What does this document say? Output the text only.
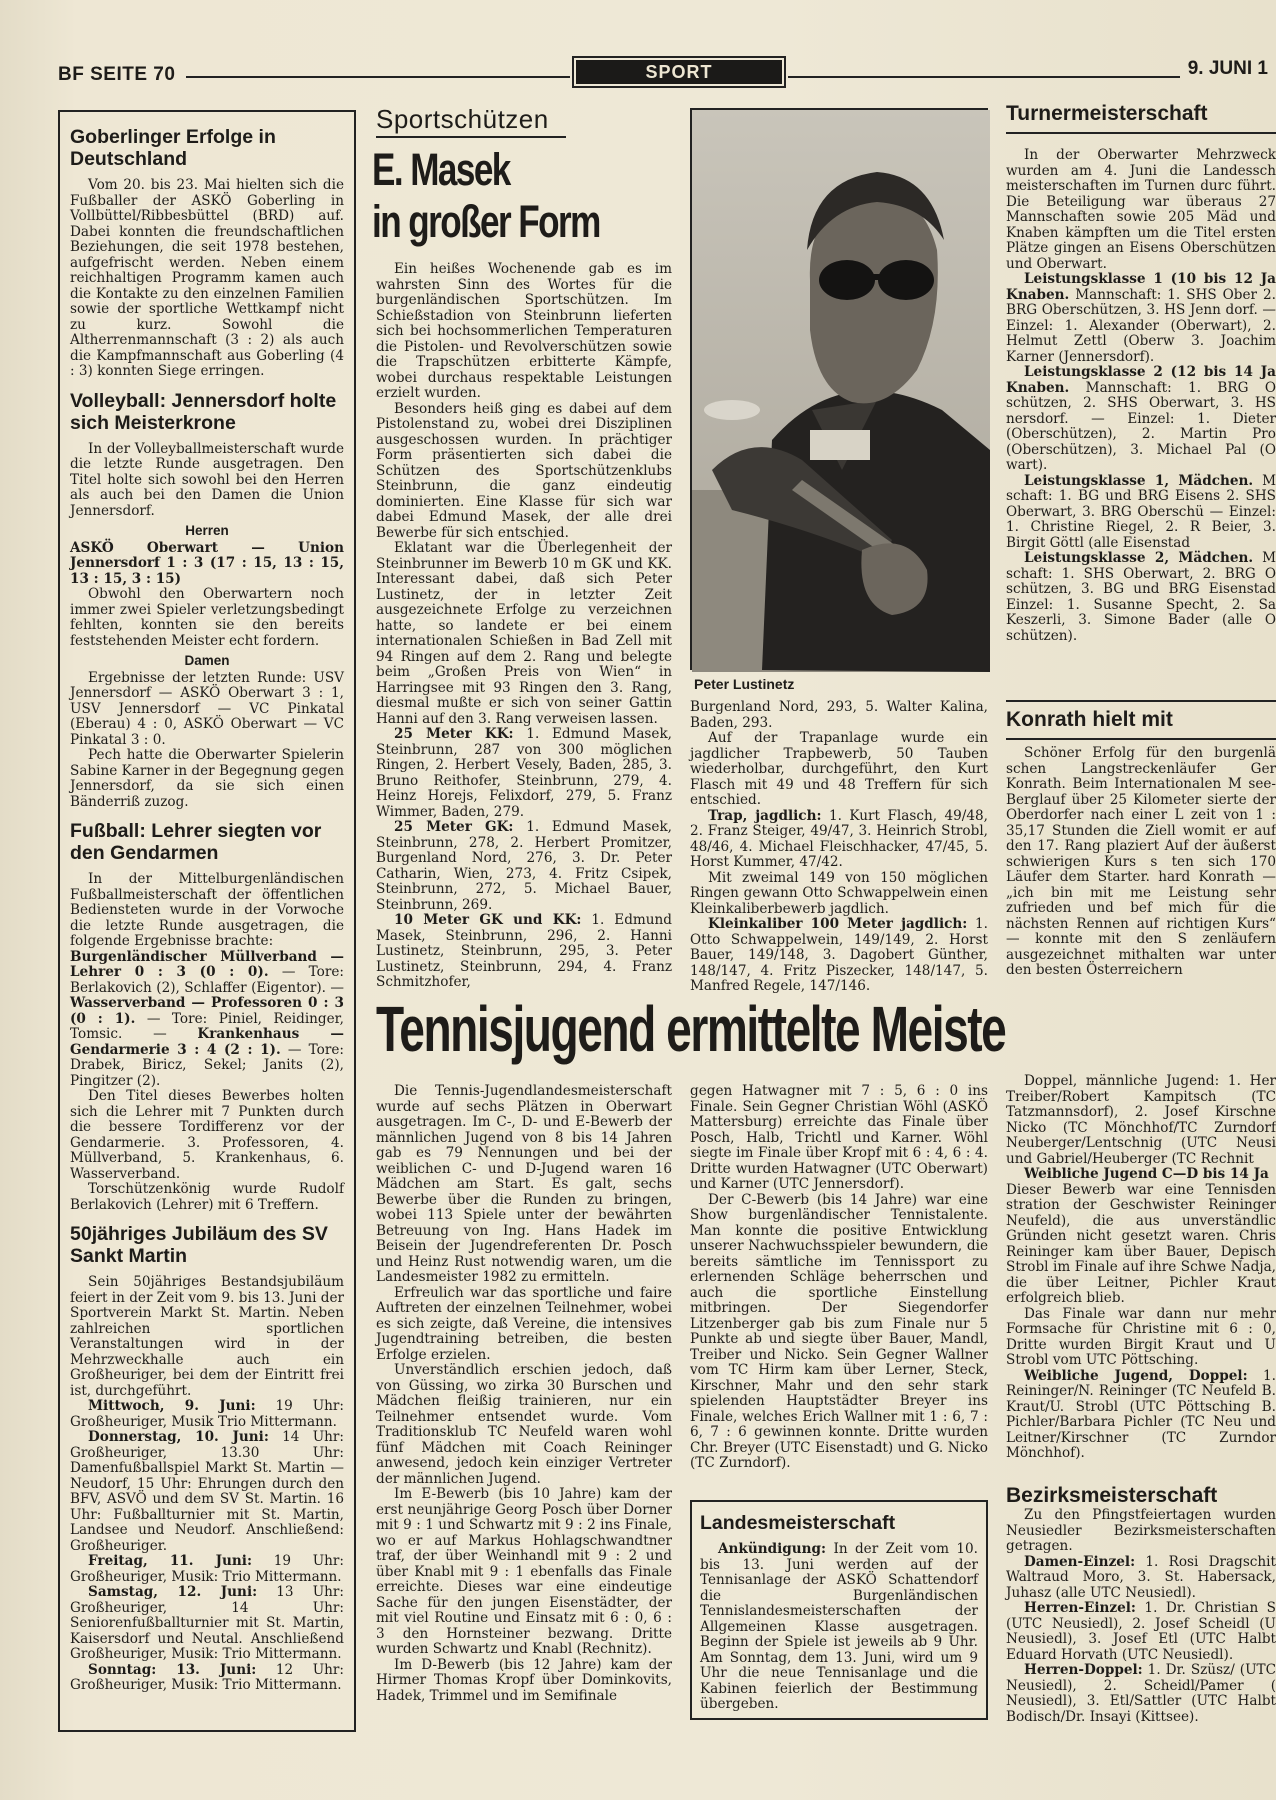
BF SEITE 70	SPORT	9. JUNI 1
Goberlinger Erfolge in Deutschland

Vom 20. bis 23. Mai hielten sich die Fußballer der ASKÖ Goberling in Vollbüttel/Ribbesbüttel (BRD) auf. Dabei konnten die freundschaftlichen Beziehungen, die seit 1978 bestehen, aufgefrischt werden. Neben einem reichhaltigen Programm kamen auch die Kontakte zu den einzelnen Familien sowie der sportliche Wettkampf nicht zu kurz. Sowohl die Altherrenmannschaft (3 : 2) als auch die Kampfmannschaft aus Goberling (4 : 3) konnten Siege erringen.

Volleyball: Jennersdorf holte sich Meisterkrone

In der Volleyballmeisterschaft wurde die letzte Runde ausgetragen. Den Titel holte sich sowohl bei den Herren als auch bei den Damen die Union Jennersdorf.

Herren

ASKÖ Oberwart — Union Jennersdorf 1 : 3 (17 : 15, 13 : 15, 13 : 15, 3 : 15)

Obwohl den Oberwartern noch immer zwei Spieler verletzungsbedingt fehlten, konnten sie den bereits feststehenden Meister echt fordern.

Damen

Ergebnisse der letzten Runde: USV Jennersdorf — ASKÖ Oberwart 3 : 1, USV Jennersdorf — VC Pinkatal (Eberau) 4 : 0, ASKÖ Oberwart — VC Pinkatal 3 : 0.

Pech hatte die Oberwarter Spielerin Sabine Karner in der Begegnung gegen Jennersdorf, da sie sich einen Bänderriß zuzog.

Fußball: Lehrer siegten vor den Gendarmen

In der Mittelburgenländischen Fußballmeisterschaft der öffentlichen Bediensteten wurde in der Vorwoche die letzte Runde ausgetragen, die folgende Ergebnisse brachte:

Burgenländischer Müllverband — Lehrer 0 : 3 (0 : 0). — Tore: Berlakovich (2), Schlaffer (Eigentor). — Wasserverband — Professoren 0 : 3 (0 : 1). — Tore: Piniel, Reidinger, Tomsic. — Krankenhaus — Gendarmerie 3 : 4 (2 : 1). — Tore: Drabek, Biricz, Sekel; Janits (2), Pingitzer (2).

Den Titel dieses Bewerbes holten sich die Lehrer mit 7 Punkten durch die bessere Tordifferenz vor der Gendarmerie. 3. Professoren, 4. Müllverband, 5. Krankenhaus, 6. Wasserverband.

Torschützenkönig wurde Rudolf Berlakovich (Lehrer) mit 6 Treffern.

50jähriges Jubiläum des SV Sankt Martin

Sein 50jähriges Bestandsjubiläum feiert in der Zeit vom 9. bis 13. Juni der Sportverein Markt St. Martin. Neben zahlreichen sportlichen Veranstaltungen wird in der Mehrzweckhalle auch ein Großheuriger, bei dem der Eintritt frei ist, durchgeführt.

Mittwoch, 9. Juni: 19 Uhr: Großheuriger, Musik Trio Mittermann.

Donnerstag, 10. Juni: 14 Uhr: Großheuriger, 13.30 Uhr: Damenfußballspiel Markt St. Martin — Neudorf, 15 Uhr: Ehrungen durch den BFV, ASVÖ und dem SV St. Martin. 16 Uhr: Fußballturnier mit St. Martin, Landsee und Neudorf. Anschließend: Großheuriger.

Freitag, 11. Juni: 19 Uhr: Großheuriger, Musik: Trio Mittermann.

Samstag, 12. Juni: 13 Uhr: Großheuriger, 14 Uhr: Seniorenfußballturnier mit St. Martin, Kaisersdorf und Neutal. Anschließend Großheuriger, Musik: Trio Mittermann.

Sonntag: 13. Juni: 12 Uhr: Großheuriger, Musik: Trio Mittermann.

Sportschützen
E. Masek
in großer Form

Ein heißes Wochenende gab es im wahrsten Sinn des Wortes für die burgenländischen Sportschützen. Im Schießstadion von Steinbrunn lieferten sich bei hochsommerlichen Temperaturen die Pistolen- und Revolverschützen sowie die Trapschützen erbitterte Kämpfe, wobei durchaus respektable Leistungen erzielt wurden.

Besonders heiß ging es dabei auf dem Pistolenstand zu, wobei drei Disziplinen ausgeschossen wurden. In prächtiger Form präsentierten sich dabei die Schützen des Sportschützenklubs Steinbrunn, die ganz eindeutig dominierten. Eine Klasse für sich war dabei Edmund Masek, der alle drei Bewerbe für sich entschied.

Eklatant war die Überlegenheit der Steinbrunner im Bewerb 10 m GK und KK. Interessant dabei, daß sich Peter Lustinetz, der in letzter Zeit ausgezeichnete Erfolge zu verzeichnen hatte, so landete er bei einem internationalen Schießen in Bad Zell mit 94 Ringen auf dem 2. Rang und belegte beim „Großen Preis von Wien“ in Harringsee mit 93 Ringen den 3. Rang, diesmal mußte er sich von seiner Gattin Hanni auf den 3. Rang verweisen lassen.

25 Meter KK: 1. Edmund Masek, Steinbrunn, 287 von 300 möglichen Ringen, 2. Herbert Vesely, Baden, 285, 3. Bruno Reithofer, Steinbrunn, 279, 4. Heinz Horejs, Felixdorf, 279, 5. Franz Wimmer, Baden, 279.

25 Meter GK: 1. Edmund Masek, Steinbrunn, 278, 2. Herbert Promitzer, Burgenland Nord, 276, 3. Dr. Peter Catharin, Wien, 273, 4. Fritz Csipek, Steinbrunn, 272, 5. Michael Bauer, Steinbrunn, 269.

10 Meter GK und KK: 1. Edmund Masek, Steinbrunn, 296, 2. Hanni Lustinetz, Steinbrunn, 295, 3. Peter Lustinetz, Steinbrunn, 294, 4. Franz Schmitzhofer,

Peter Lustinetz

Burgenland Nord, 293, 5. Walter Kalina, Baden, 293.

Auf der Trapanlage wurde ein jagdlicher Trapbewerb, 50 Tauben wiederholbar, durchgeführt, den Kurt Flasch mit 49 und 48 Treffern für sich entschied.

Trap, jagdlich: 1. Kurt Flasch, 49/48, 2. Franz Steiger, 49/47, 3. Heinrich Strobl, 48/46, 4. Michael Fleischhacker, 47/45, 5. Horst Kummer, 47/42.

Mit zweimal 149 von 150 möglichen Ringen gewann Otto Schwappelwein einen Kleinkaliberbewerb jagdlich.

Kleinkaliber 100 Meter jagdlich: 1. Otto Schwappelwein, 149/149, 2. Horst Bauer, 149/148, 3. Dagobert Günther, 148/147, 4. Fritz Piszecker, 148/147, 5. Manfred Regele, 147/146.

Turnermeisterschaft

In der Oberwarter Mehrzweck wurden am 4. Juni die Landessch meisterschaften im Turnen durc führt. Die Beteiligung war überaus 27 Mannschaften sowie 205 Mäd und Knaben kämpften um die Titel ersten Plätze gingen an Eisens Oberschützen und Oberwart.

Leistungsklasse 1 (10 bis 12 Ja Knaben. Mannschaft: 1. SHS Ober 2. BRG Oberschützen, 3. HS Jenn dorf. — Einzel: 1. Alexander (Oberwart), 2. Helmut Zettl (Oberw 3. Joachim Karner (Jennersdorf).

Leistungsklasse 2 (12 bis 14 Ja Knaben. Mannschaft: 1. BRG O schützen, 2. SHS Oberwart, 3. HS nersdorf. — Einzel: 1. Dieter (Oberschützen), 2. Martin Pro (Oberschützen), 3. Michael Pal (O wart).

Leistungsklasse 1, Mädchen. M schaft: 1. BG und BRG Eisens 2. SHS Oberwart, 3. BRG Oberschü — Einzel: 1. Christine Riegel, 2. R Beier, 3. Birgit Göttl (alle Eisenstad

Leistungsklasse 2, Mädchen. M schaft: 1. SHS Oberwart, 2. BRG O schützen, 3. BG und BRG Eisenstad Einzel: 1. Susanne Specht, 2. Sa Keszerli, 3. Simone Bader (alle O schützen).

Konrath hielt mit

Schöner Erfolg für den burgenlä schen Langstreckenläufer Ger Konrath. Beim Internationalen M see-Berglauf über 25 Kilometer sierte der Oberdorfer nach einer L zeit von 1 : 35,17 Stunden die Ziell womit er auf den 17. Rang plaziert Auf der äußerst schwierigen Kurs s ten sich 170 Läufer dem Starter. hard Konrath — „ich bin mit me Leistung sehr zufrieden und bef mich für die nächsten Rennen auf richtigen Kurs“ — konnte mit den S zenläufern ausgezeichnet mithalten war unter den besten Österreichern

Tennisjugend ermittelte Meiste

Die Tennis-Jugendlandesmeisterschaft wurde auf sechs Plätzen in Oberwart ausgetragen. Im C-, D- und E-Bewerb der männlichen Jugend von 8 bis 14 Jahren gab es 79 Nennungen und bei der weiblichen C- und D-Jugend waren 16 Mädchen am Start. Es galt, sechs Bewerbe über die Runden zu bringen, wobei 113 Spiele unter der bewährten Betreuung von Ing. Hans Hadek im Beisein der Jugendreferenten Dr. Posch und Heinz Rust notwendig waren, um die Landesmeister 1982 zu ermitteln.

Erfreulich war das sportliche und faire Auftreten der einzelnen Teilnehmer, wobei es sich zeigte, daß Vereine, die intensives Jugendtraining betreiben, die besten Erfolge erzielen.

Unverständlich erschien jedoch, daß von Güssing, wo zirka 30 Burschen und Mädchen fleißig trainieren, nur ein Teilnehmer entsendet wurde. Vom Traditionsklub TC Neufeld waren wohl fünf Mädchen mit Coach Reininger anwesend, jedoch kein einziger Vertreter der männlichen Jugend.

Im E-Bewerb (bis 10 Jahre) kam der erst neunjährige Georg Posch über Dorner mit 9 : 1 und Schwartz mit 9 : 2 ins Finale, wo er auf Markus Hohlagschwandtner traf, der über Weinhandl mit 9 : 2 und über Knabl mit 9 : 1 ebenfalls das Finale erreichte. Dieses war eine eindeutige Sache für den jungen Eisenstädter, der mit viel Routine und Einsatz mit 6 : 0, 6 : 3 den Hornsteiner bezwang. Dritte wurden Schwartz und Knabl (Rechnitz).

Im D-Bewerb (bis 12 Jahre) kam der Hirmer Thomas Kropf über Dominkovits, Hadek, Trimmel und im Semifinale

gegen Hatwagner mit 7 : 5, 6 : 0 ins Finale. Sein Gegner Christian Wöhl (ASKÖ Mattersburg) erreichte das Finale über Posch, Halb, Trichtl und Karner. Wöhl siegte im Finale über Kropf mit 6 : 4, 6 : 4. Dritte wurden Hatwagner (UTC Oberwart) und Karner (UTC Jennersdorf).

Der C-Bewerb (bis 14 Jahre) war eine Show burgenländischer Tennistalente. Man konnte die positive Entwicklung unserer Nachwuchsspieler bewundern, die bereits sämtliche im Tennissport zu erlernenden Schläge beherrschen und auch die sportliche Einstellung mitbringen. Der Siegendorfer Litzenberger gab bis zum Finale nur 5 Punkte ab und siegte über Bauer, Mandl, Treiber und Nicko. Sein Gegner Wallner vom TC Hirm kam über Lerner, Steck, Kirschner, Mahr und den sehr stark spielenden Hauptstädter Breyer ins Finale, welches Erich Wallner mit 1 : 6, 7 : 6, 7 : 6 gewinnen konnte. Dritte wurden Chr. Breyer (UTC Eisenstadt) und G. Nicko (TC Zurndorf).

Landesmeisterschaft

Ankündigung: In der Zeit vom 10. bis 13. Juni werden auf der Tennisanlage der ASKÖ Schattendorf die Burgenländischen Tennislandesmeisterschaften der Allgemeinen Klasse ausgetragen. Beginn der Spiele ist jeweils ab 9 Uhr. Am Sonntag, dem 13. Juni, wird um 9 Uhr die neue Tennisanlage und die Kabinen feierlich der Bestimmung übergeben.

Doppel, männliche Jugend: 1. Her Treiber/Robert Kampitsch (TC Tatzmannsdorf), 2. Josef Kirschne Nicko (TC Mönchhof/TC Zurndorf Neuberger/Lentschnig (UTC Neusi und Gabriel/Heuberger (TC Rechnit

Weibliche Jugend C—D bis 14 Ja

Dieser Bewerb war eine Tennisden stration der Geschwister Reininger Neufeld), die aus unverständlic Gründen nicht gesetzt waren. Chris Reininger kam über Bauer, Depisch Strobl im Finale auf ihre Schwe Nadja, die über Leitner, Pichler Kraut erfolgreich blieb.

Das Finale war dann nur mehr Formsache für Christine mit 6 : 0, Dritte wurden Birgit Kraut und U Strobl vom UTC Pöttsching.

Weibliche Jugend, Doppel: 1. Reininger/N. Reininger (TC Neufeld B. Kraut/U. Strobl (UTC Pöttsching B. Pichler/Barbara Pichler (TC Neu und Leitner/Kirschner (TC Zurndor Mönchhof).

Bezirksmeisterschaft

Zu den Pfingstfeiertagen wurden Neusiedler Bezirksmeisterschaften getragen.

Damen-Einzel: 1. Rosi Dragschit Waltraud Moro, 3. St. Habersack, Juhasz (alle UTC Neusiedl).

Herren-Einzel: 1. Dr. Christian S (UTC Neusiedl), 2. Josef Scheidl (U Neusiedl), 3. Josef Etl (UTC Halbt Eduard Horvath (UTC Neusiedl).

Herren-Doppel: 1. Dr. Szüsz/ (UTC Neusiedl), 2. Scheidl/Pamer ( Neusiedl), 3. Etl/Sattler (UTC Halbt Bodisch/Dr. Insayi (Kittsee).
